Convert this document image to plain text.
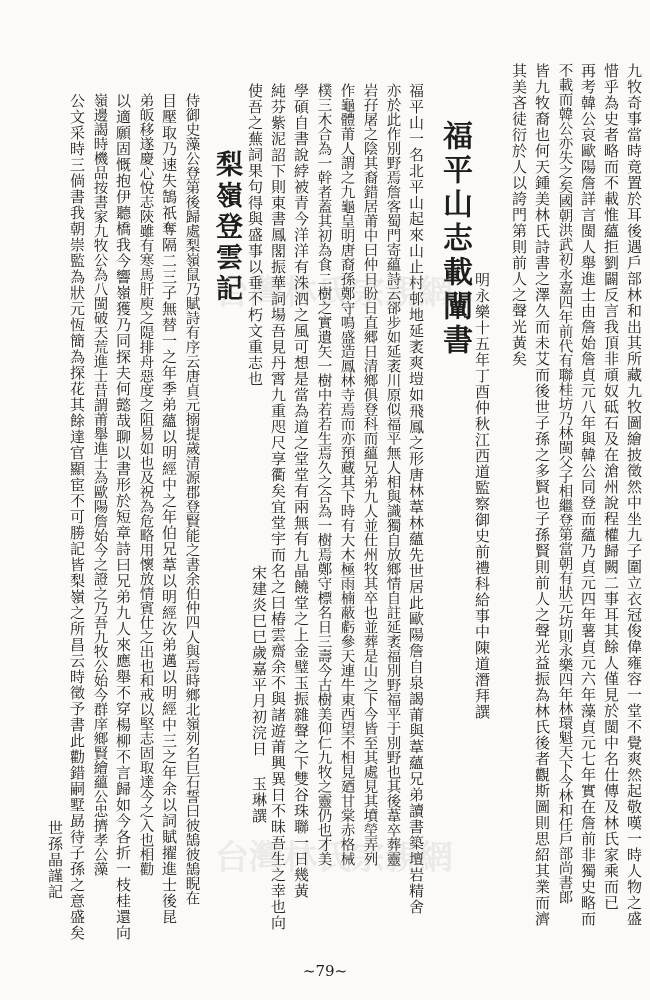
九牧奇事當時竟置於耳後遇戶部林和出其所藏九牧圖繪披徵然中坐九子圍立衣冠俊偉雍容一堂不覺爽然起敬嘆一時人物之盛
惜乎為史者略而不載惟蘊拒劉闢反言我頂非頑奴砥石及在滄州說程權歸闕二事耳其餘人僅見於閩中名仕傳及林氏家乘而已
再考韓公哀歐陽詹詳言閩人舉進士由詹始詹貞元八年與韓公同登而蘊乃貞元四年薯貞元六年藻貞元七年實在詹前非獨史略而
不載而韓公亦失之矣國朝洪武初永嘉四年前代有聯桂坊乃林閩父子相繼登第當朝有狀元坊則永樂四年林環魁天下今林和任戶部尚書郎
皆九牧裔也何天鍾美林氏詩書之澤久而未艾而後世子孫之多賢也子孫賢則前人之聲光益振為林氏後者觀斯圖則思紹其業而濟
其美吝徒衍於人以誇門第則前人之聲光黃矣
明永樂十五年丁酉仲秋江西道監察御史前禮科給事中陳道潛拜譔
福平山志載闡書
福平山一名北平山起來山止村邨地延袤爽塏如飛鳳之形唐林葦林蘊先世居此歐陽詹自泉謁莆與葦蘊兄弟讀書築壇岩精舍
亦於此作別野焉詹客蜀門寄蘊詩云郤步如延袤川原似福平無人相與識獨自放鄉情自註延袤福別野福平于別野也其後葦卒葬靈
岩孖屠之陰其裔錯居莆中曰仲日盼日直郷日清鄉俱登科而蘊兄弟九人並仕州牧其卒也並葬是山之下今皆至其處見其墳塋弄列
作龜體莆人謂之九龜皇明唐裔孫鄭守鳴盛造鳳林寺焉而亦預藏其下時有大木極雨楠蔽虧參天連牛東西望不相見廼甘棠赤格械
樸三木合為一幹者蓋其初為食二樹之實遺矢一樹中若若生焉久之合為一樹焉鄭守標名日三壽今古樹美仰仁九牧之靈仍也才美
學碩自書說綍被青今洋洋有洙泗之風可想是當為道之堂堂有兩無有九晶饒堂之上金璧玉振雜聲之下雙谷珠聯一日幾黃
純芬紫泥詔下則東書鳳閣振華詞場吾見丹霄九重咫尺享衢矣宜堂宇而名之曰椿雲齋余不與諸遊莆興異日不昧吾生之幸也向
使吾之蕪詞果句得與盛事以垂不朽文重志也
宋建炎巳巳歲嘉平月初浣日 玉琳譔
梨嶺登雲記
侍御史藻公登第後歸處梨嶺鼠乃賦詩有序云唐貞元搦提歲清源郡登賢能之書余伯仲四人與焉時鄉北嶺列名巨石誓曰彼鵠彼鵠睨在
目壓取乃速失鵠祇奪隔二三子無替一之年季弟蘊以明經中之年伯兄葦以明經次弟邁以明經中三之年余以詞賦擢進士後昆
弟皈移遂慶心悅志陝雖有寒馬肝庾之隄排舟惡度之阻易如也及祝為危略用懷放情賓仕之出也和戒以堅志固取達今之入也相勸
以適願固慨抱伊聽橋我今響嶺獲乃同探夫何懿哉聊以書形於短章詩曰兄弟九人來應舉不穿楊柳不言歸如今各折一枝桂還向
嶺邊謁時機品按書家九牧公為八閩破天荒進士昔謂莆舉進士為歐陽詹始今之證之乃吾九牧公始今群庠鄉賢繪蘊公忠擠孝公藻
公文采時三倘書我朝崇監為狀元恆簡為探花其餘達官顯宦不可勝記皆梨嶺之所昌云時徵予書此勸錯嗣墅勗待子孫之意盛矣
世孫晶謹記
台灣林氏宗親網
台灣林氏宗親網
~79~
